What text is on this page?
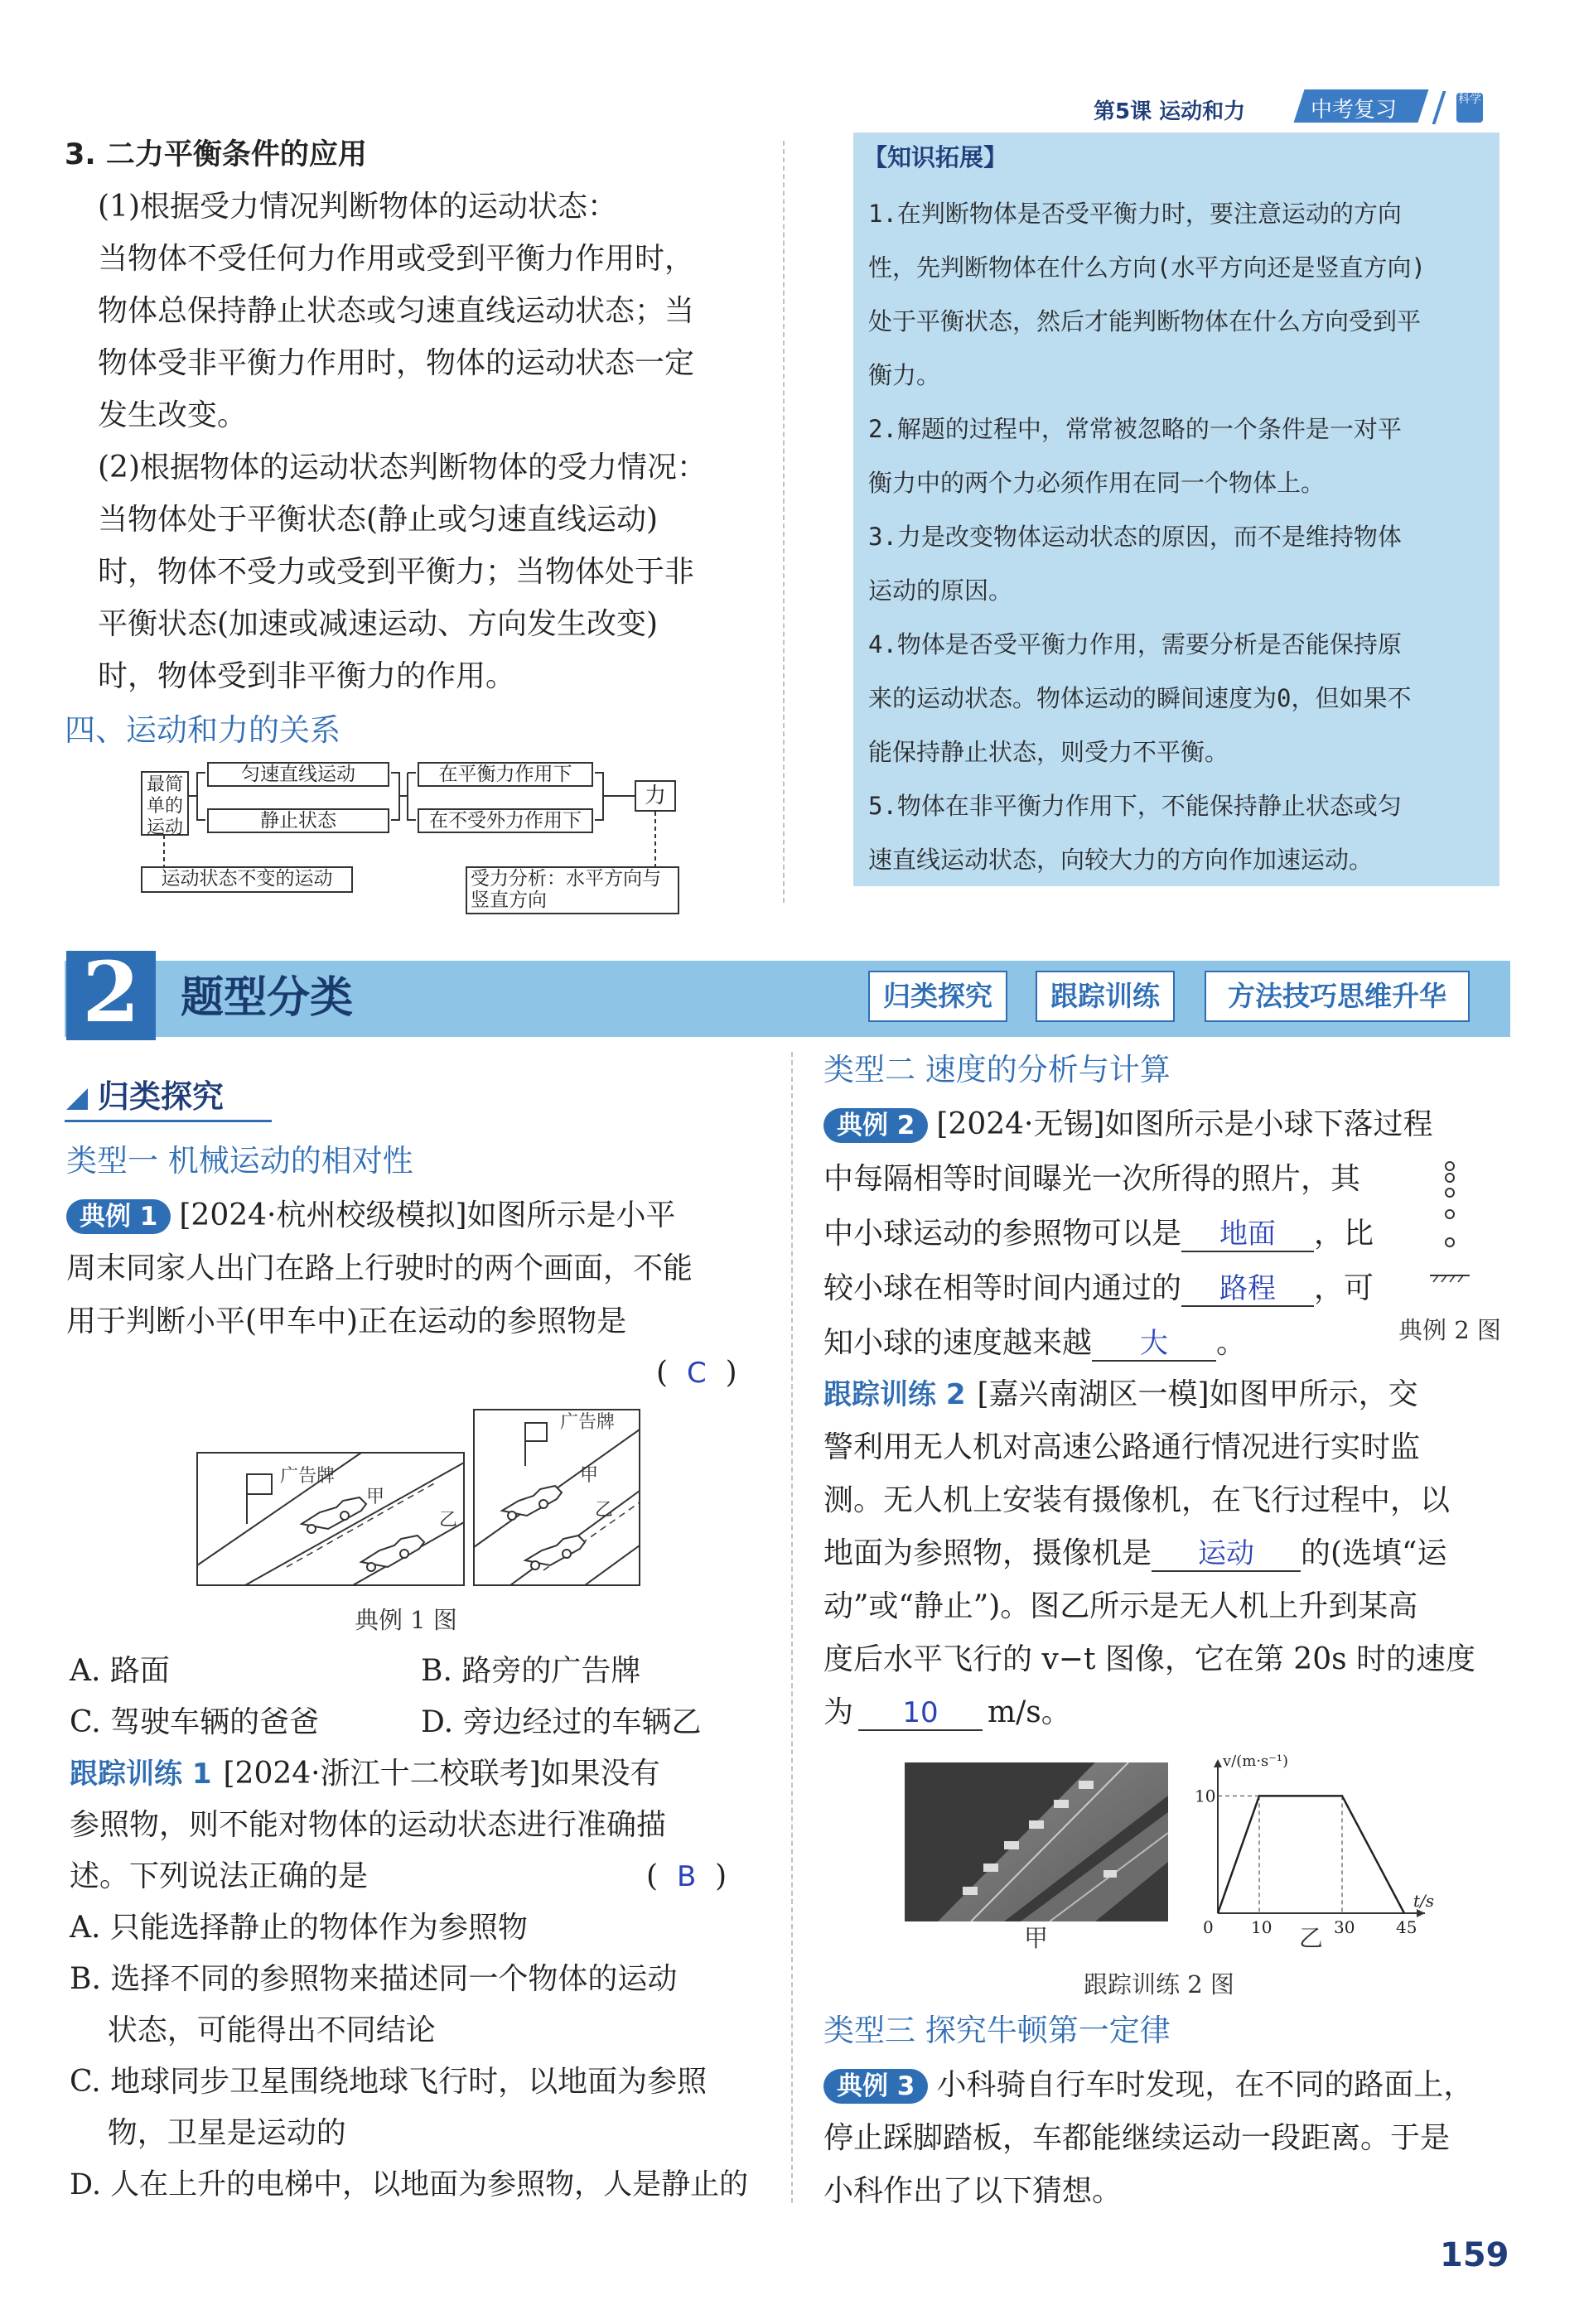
第5课 运动和力	中考复习	科学
3. 二力平衡条件的应用
(1)根据受力情况判断物体的运动状态：
当物体不受任何力作用或受到平衡力作用时，
物体总保持静止状态或匀速直线运动状态；当
物体受非平衡力作用时，物体的运动状态一定
发生改变。
(2)根据物体的运动状态判断物体的受力情况：
当物体处于平衡状态(静止或匀速直线运动)
时，物体不受力或受到平衡力；当物体处于非
平衡状态(加速或减速运动、方向发生改变)
时，物体受到非平衡力的作用。
四、运动和力的关系
最简单的运动
匀速直线运动
静止状态
在平衡力作用下
在不受外力作用下
力
运动状态不变的运动	受力分析：水平方向与竖直方向
【知识拓展】
1.在判断物体是否受平衡力时，要注意运动的方向
性，先判断物体在什么方向(水平方向还是竖直方向)
处于平衡状态，然后才能判断物体在什么方向受到平
衡力。
2.解题的过程中，常常被忽略的一个条件是一对平
衡力中的两个力必须作用在同一个物体上。
3.力是改变物体运动状态的原因，而不是维持物体
运动的原因。
4.物体是否受平衡力作用，需要分析是否能保持原
来的运动状态。物体运动的瞬间速度为0，但如果不
能保持静止状态，则受力不平衡。
5.物体在非平衡力作用下，不能保持静止状态或匀
速直线运动状态，向较大力的方向作加速运动。
2 题型分类	归类探究	跟踪训练	方法技巧思维升华
归类探究
类型一 机械运动的相对性
典例 1 [2024·杭州校级模拟]如图所示是小平
周末同家人出门在路上行驶时的两个画面，不能
用于判断小平(甲车中)正在运动的参照物是
(  C  )
广告牌
甲
乙
广告牌
甲
乙
典例 1 图
A. 路面	B. 路旁的广告牌
C. 驾驶车辆的爸爸	D. 旁边经过的车辆乙
跟踪训练 1 [2024·浙江十二校联考]如果没有
参照物，则不能对物体的运动状态进行准确描
述。下列说法正确的是	(  B  )
A. 只能选择静止的物体作为参照物
B. 选择不同的参照物来描述同一个物体的运动
状态，可能得出不同结论
C. 地球同步卫星围绕地球飞行时，以地面为参照
物，卫星是运动的
D. 人在上升的电梯中，以地面为参照物，人是静止的
类型二 速度的分析与计算
典例 2 [2024·无锡]如图所示是小球下落过程
中每隔相等时间曝光一次所得的照片，其
中小球运动的参照物可以是 地面 ，比
较小球在相等时间内通过的 路程 ，可
知小球的速度越来越 大 。	典例 2 图
跟踪训练 2 [嘉兴南湖区一模]如图甲所示，交
警利用无人机对高速公路通行情况进行实时监
测。无人机上安装有摄像机，在飞行过程中，以
地面为参照物，摄像机是 运动 的(选填“运
动”或“静止”)。图乙所示是无人机上升到某高
度后水平飞行的 v−t 图像，它在第 20s 时的速度
为 10 m/s。
甲
v/(m·s⁻¹)
t/s
0 10	30 45
10
乙
跟踪训练 2 图
类型三 探究牛顿第一定律
典例 3 小科骑自行车时发现，在不同的路面上，
停止踩脚踏板，车都能继续运动一段距离。于是
小科作出了以下猜想。
159
